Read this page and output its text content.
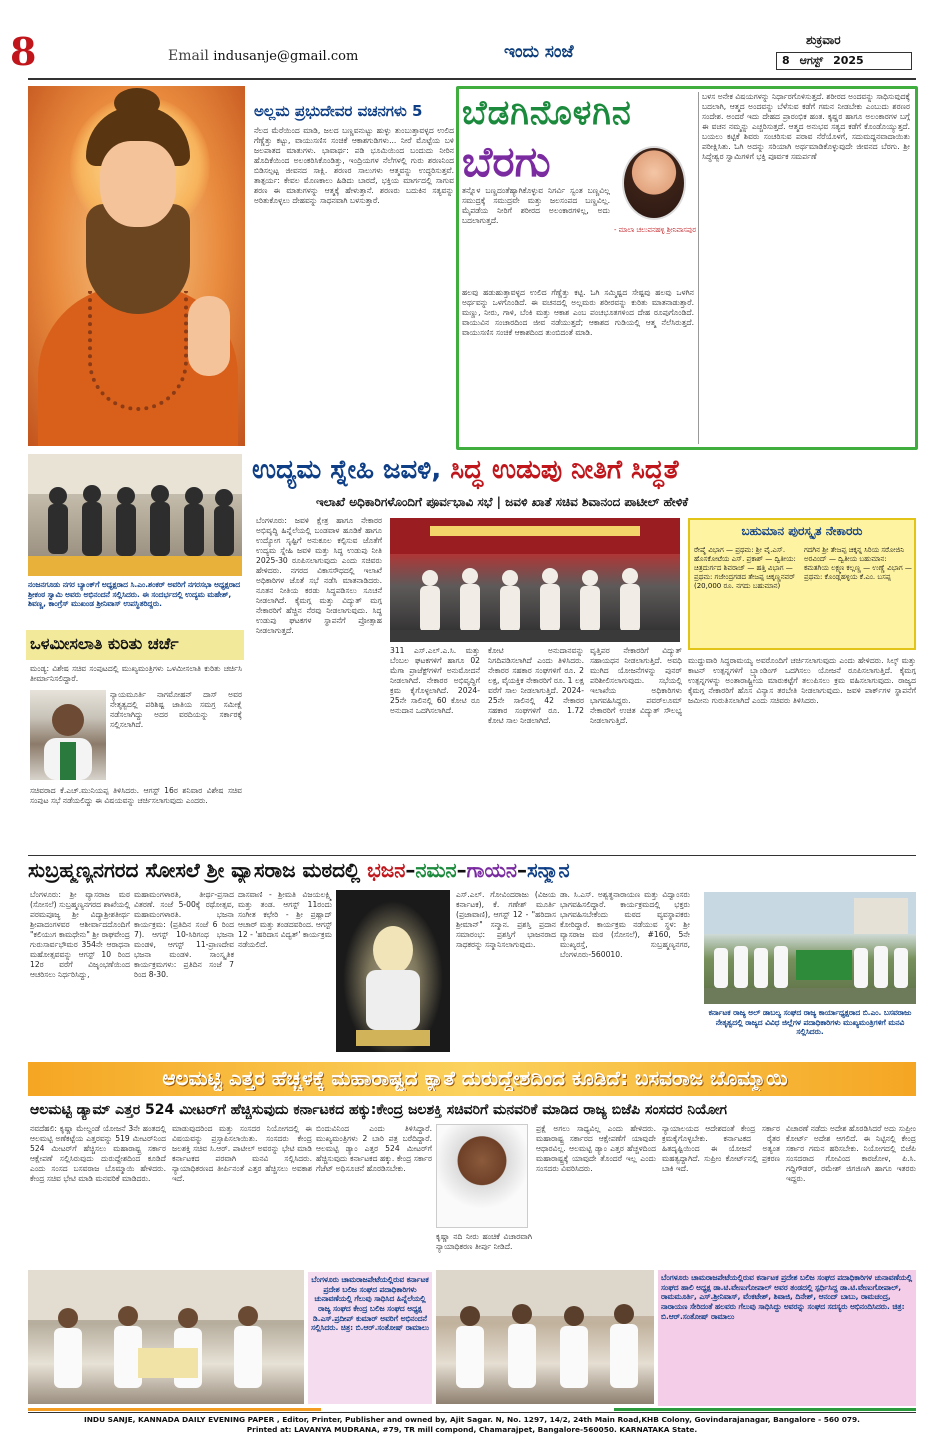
8	Email indusanje@gmail.com	ಇಂದು ಸಂಜೆ
ಶುಕ್ರವಾರ
8 ಆಗಸ್ಟ್ 2025
ಅಲ್ಲಮ ಪ್ರಭುದೇವರ ವಚನಗಳು 5
ನೆಲದ ಮೆರೆಯಿಂದ ಮಾಡಿ, ಜಲದ ಬಣ್ಣವನುಟ್ಟು ಹುಳ್ಳು ತುಂಬುತ್ತಾವಳ್ಳದ ಉಲಿದ ಗೆಣ್ಣೆತ್ತು ಕಟ್ಟು, ವಾಯುಸಣಿಸ ಸಂಚಿಕೆ ಆಕಾಶಗುಡಿಗಳು... ನೀರೆ ಮೊಟ್ಟೆಯ ಬಳಿ ಜಲಪಾತದ ಮಾತುಗಳು. ಭಾವಾರ್ಥ: ಪಡಿ ಭೂಮಿಯಿಂದ ಬಂದುದು ನೀರಿನ ಹೊದಿಕೆಯಿಂದ ಅಲಂಕರಿಸಿಕೊಂಡಿತ್ತು, ಇಂದ್ರಿಯಗಳ ನೆಲೆಗಳಲ್ಲಿ ಗುರು ಶರಣನಿಂದ ಬಿಡಿಸಲ್ಪಟ್ಟ ಜೀವನದ ಸಾಕ್ಷಿ. ಶರಣರ ಸಾಲುಗಳು ಆತ್ಮವನ್ನು ಉದ್ಧರಿಸುತ್ತವೆ. ತಾತ್ಪರ್ಯ: ಕೇವಲ ಮೊಣಕಾಲು ಹಿಡಿದು ಬಾರದೆ, ಭಕ್ತಿಯ ಮಾರ್ಗದಲ್ಲಿ ಸಾಗುವ ಶರಣ ಈ ಮಾತುಗಳನ್ನು ಆತ್ಮಕ್ಕೆ ಹೇಳುತ್ತಾನೆ. ಶರಣರು ಬದುಕಿನ ಸತ್ಯವನ್ನು ಅರಿತುಕೊಳ್ಳಲು ದೇಹವನ್ನು ಸಾಧನವಾಗಿ ಬಳಸುತ್ತಾರೆ.
ಬೆಡಗಿನೊಳಗಿನ
ಬೆರಗು
- ಮಾಲಾ ಚಲುವನಹಳ್ಳಿ ಶ್ರೀನಿವಾಸಪುರ
ತನ್ನೊಳ ಬಣ್ಣದಂತೆಹ್ಯಾಗಿಕೊಳ್ಳುವ ನಿಗರ್ವಿ ಸ್ವಂತ ಬಣ್ಣವಿಲ್ಲ ಸಮುದ್ರಕ್ಕೆ ಸಮುದ್ರವೇ ಮತ್ತು ಜಲಸಂಪದ ಬಣ್ಣವಿಲ್ಲ. ಮೈಪಡೆಯ ನೀರಿಗೆ ಶರೀರದ ಅಲಂಕಾರಗಳಿಲ್ಲ, ಅದು ಬದಲಾಗುತ್ತದೆ.
ಹಲವು ಹಡುಹುತ್ತಾವಳ್ಳದ ಉಲಿದ ಗೆಣ್ಣೆತ್ತು ಕಟ್ಟಿ. ಓಗಿ ಸಮ್ಮಿಷ್ಟದ ಸೇಷ್ಟವು ಹಲವು ಒಳಗಿನ ಅರ್ಥವನ್ನು ಒಳಗೊಂಡಿದೆ. ಈ ವಚನದಲ್ಲಿ ಅಲ್ಲಮರು ಶರೀರವನ್ನು ಕುರಿತು ಮಾತನಾಡುತ್ತಾರೆ. ಮಣ್ಣು, ನೀರು, ಗಾಳಿ, ಬೆಂಕಿ ಮತ್ತು ಆಕಾಶ ಎಂಬ ಪಂಚಭೂತಗಳಿಂದ ದೇಹ ರೂಪುಗೊಂಡಿದೆ. ವಾಯುವಿನ ಸಂಚಾರದಿಂದ ಜೀವ ನಡೆಯುತ್ತದೆ; ಆಕಾಶದ ಗುಡಿಯಲ್ಲಿ ಆತ್ಮ ನೆಲೆಸಿರುತ್ತದೆ. ವಾಯುಸಣಿಸ ಸಂಚಿಕೆ ಆಕಾಶದಿಂದ ತುಂಬಿದಂತೆ ಮಾಡಿ.
ಬಳಸ ಅನೇಕ ವಿಷಯಗಳನ್ನು ನಿರ್ಧಾರಗೊಳಿಸುತ್ತದೆ. ಶರೀರದ ಅಂದವನ್ನು ಸಾಧಿಸುವುದಕ್ಕೆ ಬದಲಾಗಿ, ಆತ್ಮದ ಅಂದವನ್ನು ಬೆಳೆಸುವ ಕಡೆಗೆ ಗಮನ ನೀಡಬೇಕು ಎಂಬುದು ಶರಣರ ಸಂದೇಶ. ಅಂದರೆ ಇದು ದೇಹದ ಪ್ರಾರಂಭಿಕ ಹಂತ. ಕೃಷ್ಣರ ಹಾಗೂ ಅಲಂಕಾರಗಳ ಬಗ್ಗೆ ಈ ವಚನ ನಮ್ಮನ್ನು ಎಚ್ಚರಿಸುತ್ತದೆ. ಆತ್ಮದ ಅನುಭವ ಸತ್ಯದ ಕಡೆಗೆ ಕೊಂಡೊಯ್ಯುತ್ತದೆ. ಬಯಲು ಕಟ್ಟಿಕೆ ಶಿವರು ಸಂಚರಿಸುವ ಪರಾವ ನೆರೆಯೊಳಗೆ, ಸದುಮದ್ದನವಾದಾಯಿತು ಪರೀಕ್ಷಿಸಿತು. ಓಗಿ ಅದನ್ನು ಸರಿಯಾಗಿ ಅರ್ಥಮಾಡಿಕೊಳ್ಳುವುದೇ ಜೀವನದ ಬೆರಗು. ಶ್ರೀ ಸಿದ್ಧೇಶ್ವರ ಸ್ವಾಮಿಗಳಿಗೆ ಭಕ್ತಿ ಪೂರ್ವಕ ಸಮರ್ಪಣೆ
ನಂಜನಗೂಡು ನಗರ ಬ್ಯಾಂಕ್‌ಗೆ ಅಧ್ಯಕ್ಷರಾದ ಸಿ.ಎಂ.ಶಂಕರ್ ಅವರಿಗೆ ನಗರಸಭಾ ಅಧ್ಯಕ್ಷರಾದ ಶ್ರೀಕಂಠ ಸ್ವಾಮಿ ಅವರು ಅಭಿನಂದನೆ ಸಲ್ಲಿಸಿದರು. ಈ ಸಂದರ್ಭದಲ್ಲಿ ಉದ್ಯಮ ಮಹೇಶ್, ಶಿವಣ್ಣ, ಕಾಂಗ್ರೆಸ್ ಮುಖಂಡ ಶ್ರೀನಿವಾಸ್ ಉಪಸ್ಥಿತರಿದ್ದರು.
ಉದ್ಯಮ ಸ್ನೇಹಿ ಜವಳಿ, ಸಿದ್ಧ ಉಡುಪು ನೀತಿಗೆ ಸಿದ್ಧತೆ
ಇಲಾಖೆ ಅಧಿಕಾರಿಗಳೊಂದಿಗೆ ಪೂರ್ವಭಾವಿ ಸಭೆ | ಜವಳಿ ಖಾತೆ ಸಚಿವ ಶಿವಾನಂದ ಪಾಟೀಲ್ ಹೇಳಿಕೆ
ಬೆಂಗಳೂರು: ಜವಳಿ ಕ್ಷೇತ್ರ ಹಾಗೂ ನೇಕಾರರ ಅಭಿವೃದ್ಧಿ ಹಿನ್ನೆಲೆಯಲ್ಲಿ ಬಂಡವಾಳ ಹೂಡಿಕೆ ಹಾಗೂ ಉದ್ಯೋಗ ಸೃಷ್ಟಿಗೆ ಅನುಕೂಲ ಕಲ್ಪಿಸುವ ಜೊತೆಗೆ ಉದ್ಯಮ ಸ್ನೇಹಿ ಜವಳಿ ಮತ್ತು ಸಿದ್ಧ ಉಡುಪು ನೀತಿ 2025-30 ರೂಪಿಸಲಾಗುವುದು ಎಂದು ಸಚಿವರು ಹೇಳಿದರು. ನಗರದ ವಿಕಾಸಸೌಧದಲ್ಲಿ ಇಲಾಖೆ ಅಧಿಕಾರಿಗಳ ಜೊತೆ ಸಭೆ ನಡೆಸಿ ಮಾತನಾಡಿದರು. ನೂತನ ನೀತಿಯ ಕರಡು ಸಿದ್ಧಪಡಿಸಲು ಸೂಚನೆ ನೀಡಲಾಗಿದೆ. ಕೈಮಗ್ಗ ಮತ್ತು ವಿದ್ಯುತ್ ಮಗ್ಗ ನೇಕಾರರಿಗೆ ಹೆಚ್ಚಿನ ನೆರವು ನೀಡಲಾಗುವುದು. ಸಿದ್ಧ ಉಡುಪು ಘಟಕಗಳ ಸ್ಥಾಪನೆಗೆ ಪ್ರೋತ್ಸಾಹ ನೀಡಲಾಗುತ್ತದೆ.
311 ಎಸ್.ಎಲ್.ಎ.ಸಿ. ಮತ್ತು ಬೆಂಬಲ ಘಟಕಗಳಿಗೆ ಹಾಗೂ 02 ಮೆಗಾ ಪ್ರಾಜೆಕ್ಟ್‌ಗಳಿಗೆ ಅನುಮೋದನೆ ನೀಡಲಾಗಿದೆ. ನೇಕಾರರ ಅಭಿವೃದ್ಧಿಗೆ ಕ್ರಮ ಕೈಗೊಳ್ಳಲಾಗಿದೆ. 2024-25ನೇ ಸಾಲಿನಲ್ಲಿ 60 ಕೋಟಿ ರೂ ಅನುದಾನ ಒದಗಿಸಲಾಗಿದೆ.
ಕೋಟಿ ಅನುದಾನವನ್ನು ನಿಗದಿಪಡಿಸಲಾಗಿದೆ ಎಂದು ತಿಳಿಸಿದರು. ನೇಕಾರರ ಸಹಕಾರ ಸಂಘಗಳಿಗೆ ರೂ. 2 ಲಕ್ಷ, ವೈಯಕ್ತಿಕ ನೇಕಾರರಿಗೆ ರೂ. 1 ಲಕ್ಷ ವರೆಗೆ ಸಾಲ ನೀಡಲಾಗುತ್ತಿದೆ. 2024-25ನೇ ಸಾಲಿನಲ್ಲಿ 42 ನೇಕಾರರ ಸಹಕಾರ ಸಂಘಗಳಿಗೆ ರೂ. 1.72 ಕೋಟಿ ಸಾಲ ನೀಡಲಾಗಿದೆ.
ವೃತ್ತಿಪರ ನೇಕಾರರಿಗೆ ವಿದ್ಯುತ್ ಸಹಾಯಧನ ನೀಡಲಾಗುತ್ತಿದೆ. ಅವಧಿ ಮುಗಿದ ಯೋಜನೆಗಳನ್ನು ಪುನರ್ ಪರಿಶೀಲಿಸಲಾಗುವುದು. ಸಭೆಯಲ್ಲಿ ಇಲಾಖೆಯ ಅಧಿಕಾರಿಗಳು ಭಾಗವಹಿಸಿದ್ದರು. ಪವರ್‌ಲೂಮ್ ನೇಕಾರರಿಗೆ ಉಚಿತ ವಿದ್ಯುತ್ ಸೌಲಭ್ಯ ನೀಡಲಾಗುತ್ತಿದೆ.
ಬಹುಮಾನ ಪುರಸ್ಕೃತ ನೇಕಾರರು
ರೇಷ್ಮೆ ವಿಭಾಗ — ಪ್ರಥಮ: ಶ್ರೀ ವೈ.ಎಸ್. ಹೊಸಕೋಟೆಯ ಎಸ್. ಪ್ರಕಾಶ್ — ದ್ವಿತೀಯ: ಚಿತ್ರದುರ್ಗದ ಶಿವರಾಜ್ — ಹತ್ತಿ ವಿಭಾಗ — ಪ್ರಥಮ: ಗಜೇಂದ್ರಗಡದ ತೇಜಪ್ಪ ಚಿಕ್ಕಣ್ಣನವರ್ (20,000 ರೂ. ನಗದು ಬಹುಮಾನ)
ಗದಗಿನ ಶ್ರೀ ತೇಜಪ್ಪ ಚಿಕ್ಕನ್ನ ಸಿರಿಯ ಸರೋಜಿನಿ ಅರವಿಂದ್ — ದ್ವಿತೀಯ ಬಹುಮಾನ: ಕಮತಗಿಯ ಲಕ್ಷ್ಮಣ ಕಲ್ಲಣ್ಣ — ಉಣ್ಣೆ ವಿಭಾಗ — ಪ್ರಥಮ: ಕೊಂಡ್ಲಹಳ್ಳಿಯ ಕೆ.ಎಂ. ಬಸಪ್ಪ
ಮುದ್ದುವಾರಿ ಸಿದ್ಧರಾಮಯ್ಯ ಅವರೊಂದಿಗೆ ಚರ್ಚಿಸಲಾಗುವುದು ಎಂದು ಹೇಳಿದರು. ಸಿಲ್ಕ್ ಮತ್ತು ಕಾಟನ್ ಉತ್ಪನ್ನಗಳಿಗೆ ಬ್ರ್ಯಾಂಡಿಂಗ್ ಒದಗಿಸಲು ಯೋಜನೆ ರೂಪಿಸಲಾಗುತ್ತಿದೆ. ಕೈಮಗ್ಗ ಉತ್ಪನ್ನಗಳನ್ನು ಅಂತಾರಾಷ್ಟ್ರೀಯ ಮಾರುಕಟ್ಟೆಗೆ ತಲುಪಿಸಲು ಕ್ರಮ ವಹಿಸಲಾಗುವುದು. ರಾಜ್ಯದ ಕೈಮಗ್ಗ ನೇಕಾರರಿಗೆ ಹೊಸ ವಿನ್ಯಾಸ ತರಬೇತಿ ನೀಡಲಾಗುವುದು. ಜವಳಿ ಪಾರ್ಕ್‌ಗಳ ಸ್ಥಾಪನೆಗೆ ಜಮೀನು ಗುರುತಿಸಲಾಗಿದೆ ಎಂದು ಸಚಿವರು ತಿಳಿಸಿದರು.
ಒಳಮೀಸಲಾತಿ ಕುರಿತು ಚರ್ಚೆ
ಮಂಡ್ಯ: ವಿಶೇಷ ಸಚಿವ ಸಂಪುಟದಲ್ಲಿ ಮುಖ್ಯಮಂತ್ರಿಗಳು ಒಳಮೀಸಲಾತಿ ಕುರಿತು ಚರ್ಚಿಸಿ ತೀರ್ಮಾನಿಸಲಿದ್ದಾರೆ.
ನ್ಯಾಯಮೂರ್ತಿ ನಾಗಮೋಹನ್ ದಾಸ್ ಅವರ ನೇತೃತ್ವದಲ್ಲಿ ಪರಿಶಿಷ್ಟ ಜಾತಿಯ ಸಮಗ್ರ ಸಮೀಕ್ಷೆ ನಡೆಸಲಾಗಿದ್ದು ಅದರ ವರದಿಯನ್ನು ಸರ್ಕಾರಕ್ಕೆ ಸಲ್ಲಿಸಲಾಗಿದೆ.
ಸಚಿವರಾದ ಕೆ.ಎಚ್.ಮುನಿಯಪ್ಪ ತಿಳಿಸಿದರು. ಆಗಸ್ಟ್ 16ರ ಶನಿವಾರ ವಿಶೇಷ ಸಚಿವ ಸಂಪುಟ ಸಭೆ ನಡೆಯಲಿದ್ದು ಈ ವಿಷಯವನ್ನು ಚರ್ಚಿಸಲಾಗುವುದು ಎಂದರು.
ಸುಬ್ರಹ್ಮಣ್ಯನಗರದ ಸೋಸಲೆ ಶ್ರೀ ವ್ಯಾಸರಾಜ ಮಠದಲ್ಲಿ ಭಜನ–ನಮನ–ಗಾಯನ–ಸನ್ಮಾನ
ಬೆಂಗಳೂರು: ಶ್ರೀ ವ್ಯಾಸರಾಜ ಮಠ (ಸೋಸಲೆ) ಸುಬ್ರಹ್ಮಣ್ಯನಗರದ ಶಾಖೆಯಲ್ಲಿ ಪರಮಪೂಜ್ಯ ಶ್ರೀ ವಿದ್ಯಾಶ್ರೀಶತೀರ್ಥ ಶ್ರೀಪಾದಂಗಳವರ ಆಶೀರ್ವಾದದೊಂದಿಗೆ "ಕಲಿಯುಗ ಕಾಮಧೇನು" ಶ್ರೀ ರಾಘವೇಂದ್ರ ಗುರುಸಾರ್ವಭೌಮರ 354ನೇ ಆರಾಧನಾ ಮಹೋತ್ಸವವನ್ನು ಆಗಸ್ಟ್ 10 ರಿಂದ 12ರ ವರೆಗೆ ವಿಜೃಂಭಣೆಯಿಂದ ಆಚರಿಸಲು ನಿರ್ಧರಿಸಿದ್ದು,
ಮಹಾಮಂಗಳಾರತಿ, ತೀರ್ಥ-ಪ್ರಸಾದ ವಿತರಣೆ. ಸಂಜೆ 5-00ಕ್ಕೆ ರಥೋತ್ಸವ, ಮಹಾಮಂಗಳಾರತಿ. ಭಜನಾ ಕಾರ್ಯಕ್ರಮ: (ಪ್ರತಿದಿನ ಸಂಜೆ 6 ರಿಂದ 7). ಆಗಸ್ಟ್ 10-ಸಿರಿಗಂಧ ಭಜನಾ ಮಂಡಳಿ, ಆಗಸ್ಟ್ 11-ಪ್ರಾಣದೇವ ಭಜನಾ ಮಂಡಳಿ. ಸಾಂಸ್ಕೃತಿಕ ಕಾರ್ಯಕ್ರಮಗಳು: ಪ್ರತಿದಿನ ಸಂಜೆ 7 ರಿಂದ 8-30.
ದಾಸವಾಣಿ - ಶ್ರೀಮತಿ ವಿಜಯಲಕ್ಷ್ಮಿ ಮತ್ತು ತಂಡ. ಆಗಸ್ಟ್ 11ರಂದು ಸಂಗೀತ ಕಛೇರಿ - ಶ್ರೀ ಪ್ರಹ್ಲಾದ್ ಆಚಾರ್ ಮತ್ತು ತಂಡದವರಿಂದ. ಆಗಸ್ಟ್ 12 - 'ಹರಿದಾಸ ವಿದ್ವತ್' ಕಾರ್ಯಕ್ರಮ ನಡೆಯಲಿದೆ.
ಎಸ್.ಎಲ್. ಗೋವಿಂದರಾಜು (ವಿಜಯ ಕರ್ನಾಟಕ), ಕೆ. ಗಣೇಶ್ ಮೂರ್ತಿ (ಪ್ರಜಾವಾಣಿ), ಆಗಸ್ಟ್ 12 - "ಹರಿದಾಸ ಶ್ರೀಮಾನ್" ಸನ್ಮಾನ. ಪ್ರಶಸ್ತಿ ಪ್ರದಾನ ಸಮಾರಂಭ: ಪ್ರಶಸ್ತಿಗೆ ಭಾಜನರಾದ ಸಾಧಕರನ್ನು ಸನ್ಮಾನಿಸಲಾಗುವುದು.
ಡಾ. ಸಿ.ಎಸ್. ಅಶ್ವತ್ಥನಾರಾಯಣ ಮತ್ತು ವಿದ್ವಾಂಸರು ಭಾಗವಹಿಸಲಿದ್ದಾರೆ. ಕಾರ್ಯಕ್ರಮದಲ್ಲಿ ಭಕ್ತರು ಭಾಗವಹಿಸಬೇಕೆಂದು ಮಠದ ವ್ಯವಸ್ಥಾಪಕರು ಕೋರಿದ್ದಾರೆ. ಕಾರ್ಯಕ್ರಮ ನಡೆಯುವ ಸ್ಥಳ: ಶ್ರೀ ವ್ಯಾಸರಾಜ ಮಠ (ಸೋಸಲೆ), #160, 5ನೇ ಮುಖ್ಯರಸ್ತೆ, ಸುಬ್ರಹ್ಮಣ್ಯನಗರ, ಬೆಂಗಳೂರು-560010.
ಕರ್ನಾಟಕ ರಾಜ್ಯ ಅಲ್ ಡಾಬಲ್ಯ ಸಂಘದ ರಾಜ್ಯ ಕಾರ್ಯಾಧ್ಯಕ್ಷರಾದ ಬಿ.ಎಂ. ಬಸವರಾಜು ನೇತೃತ್ವದಲ್ಲಿ ರಾಜ್ಯದ ವಿವಿಧ ಜಿಲ್ಲೆಗಳ ಪದಾಧಿಕಾರಿಗಳು ಮುಖ್ಯಮಂತ್ರಿಗಳಿಗೆ ಮನವಿ ಸಲ್ಲಿಸಿದರು.
ಆಲಮಟ್ಟಿ ಎತ್ತರ ಹೆಚ್ಚಳಕ್ಕೆ ಮಹಾರಾಷ್ಟ್ರದ ಕ್ಯಾತೆ ದುರುದ್ದೇಶದಿಂದ ಕೂಡಿದೆ: ಬಸವರಾಜ ಬೊಮ್ಮಾಯಿ
ಆಲಮಟ್ಟಿ ಡ್ಯಾಮ್ ಎತ್ತರ 524 ಮೀಟರ್‌ಗೆ ಹೆಚ್ಚಿಸುವುದು ಕರ್ನಾಟಕದ ಹಕ್ಕು:ಕೇಂದ್ರ ಜಲಶಕ್ತಿ ಸಚಿವರಿಗೆ ಮನವರಿಕೆ ಮಾಡಿದ ರಾಜ್ಯ ಬಿಜೆಪಿ ಸಂಸದರ ನಿಯೋಗ
ನವದೆಹಲಿ: ಕೃಷ್ಣಾ ಮೇಲ್ದಂಡೆ ಯೋಜನೆ 3ನೇ ಹಂತದಲ್ಲಿ ಆಲಮಟ್ಟಿ ಅಣೆಕಟ್ಟೆಯ ಎತ್ತರವನ್ನು 519 ಮೀಟರ್‌ನಿಂದ 524 ಮೀಟರ್‌ಗೆ ಹೆಚ್ಚಿಸಲು ಮಹಾರಾಷ್ಟ್ರ ಸರ್ಕಾರ ಆಕ್ಷೇಪಣೆ ಸಲ್ಲಿಸಿರುವುದು ದುರುದ್ದೇಶದಿಂದ ಕೂಡಿದೆ ಎಂದು ಸಂಸದ ಬಸವರಾಜ ಬೊಮ್ಮಾಯಿ ಹೇಳಿದರು. ಕೇಂದ್ರ ಸಚಿವ ಭೇಟಿ ಮಾಡಿ ಮನವರಿಕೆ ಮಾಡಿದರು.
ಮಾಡುವುದರಿಂದ ಮತ್ತು ಸಂಸದರ ನಿಯೋಗದಲ್ಲಿ ಈ ವಿಷಯವನ್ನು ಪ್ರಸ್ತಾಪಿಸಲಾಯಿತು. ಸಂಸದರು ಕೇಂದ್ರ ಜಲಶಕ್ತಿ ಸಚಿವ ಸಿ.ಆರ್. ಪಾಟೀಲ್ ಅವರನ್ನು ಭೇಟಿ ಮಾಡಿ ಕರ್ನಾಟಕದ ಪರವಾಗಿ ಮನವಿ ಸಲ್ಲಿಸಿದರು. ನ್ಯಾಯಾಧಿಕರಣದ ತೀರ್ಪಿನಂತೆ ಎತ್ತರ ಹೆಚ್ಚಿಸಲು ಅವಕಾಶ ಇದೆ.
ಬಿಂದುವಿನಿಂದ ಎಂದು ತಿಳಿಸಿದ್ದಾರೆ. ಮುಖ್ಯಮಂತ್ರಿಗಳು 2 ಬಾರಿ ಪತ್ರ ಬರೆದಿದ್ದಾರೆ. ಆಲಮಟ್ಟಿ ಡ್ಯಾಂ ಎತ್ತರ 524 ಮೀಟರ್‌ಗೆ ಹೆಚ್ಚಿಸುವುದು ಕರ್ನಾಟಕದ ಹಕ್ಕು. ಕೇಂದ್ರ ಸರ್ಕಾರ ಗೆಜೆಟ್ ಅಧಿಸೂಚನೆ ಹೊರಡಿಸಬೇಕು.
ಕೃಷ್ಣಾ ನದಿ ನೀರು ಹಂಚಿಕೆ ವಿಚಾರವಾಗಿ ನ್ಯಾಯಾಧಿಕರಣ ತೀರ್ಪು ನೀಡಿದೆ.
ಪ್ರಕ್ಷೆ ಅಗಲು ಸಾಧ್ಯವಿಲ್ಲ ಎಂದು ಹೇಳಿದರು. ಮಹಾರಾಷ್ಟ್ರ ಸರ್ಕಾರದ ಆಕ್ಷೇಪಣೆಗೆ ಯಾವುದೇ ಆಧಾರವಿಲ್ಲ. ಆಲಮಟ್ಟಿ ಡ್ಯಾಂ ಎತ್ತರ ಹೆಚ್ಚಳದಿಂದ ಮಹಾರಾಷ್ಟ್ರಕ್ಕೆ ಯಾವುದೇ ತೊಂದರೆ ಇಲ್ಲ ಎಂದು ಸಂಸದರು ವಿವರಿಸಿದರು.
ನ್ಯಾಯಾಲಯದ ಆದೇಶದಂತೆ ಕೇಂದ್ರ ಸರ್ಕಾರ ಕ್ರಮಕೈಗೊಳ್ಳಬೇಕು. ಕರ್ನಾಟಕದ ರೈತರ ಹಿತದೃಷ್ಟಿಯಿಂದ ಈ ಯೋಜನೆ ಅತ್ಯಂತ ಮಹತ್ವದ್ದಾಗಿದೆ. ಸುಪ್ರೀಂ ಕೋರ್ಟ್‌ನಲ್ಲಿ ಪ್ರಕರಣ ಬಾಕಿ ಇದೆ.
ವಿಚಾರಣೆ ನಡೆದು ಅದೇಶ ಹೊರಡಿಸಿದರೆ ಅದು ಸುಪ್ರೀಂ ಕೋರ್ಟ್ ಅದೇಶ ಆಗಲಿದೆ. ಈ ನಿಟ್ಟಿನಲ್ಲಿ ಕೇಂದ್ರ ಸರ್ಕಾರ ಗಮನ ಹರಿಸಬೇಕು. ನಿಯೋಗದಲ್ಲಿ ಬಿಜೆಪಿ ಸಂಸದರಾದ ಗೋವಿಂದ ಕಾರಜೋಳ, ಪಿ.ಸಿ. ಗದ್ದಿಗೌಡರ್, ರಮೇಶ್ ಜಿಗಜಿಣಗಿ ಹಾಗೂ ಇತರರು ಇದ್ದರು.
ಬೆಂಗಳೂರು ಚಾಮರಾಜಪೇಟೆಯಲ್ಲಿರುವ ಕರ್ನಾಟಕ ಪ್ರದೇಶ ಬಲಿಜ ಸಂಘದ ಪದಾಧಿಕಾರಿಗಳು ಚುನಾವಣೆಯಲ್ಲಿ ಗೆಲುವು ಸಾಧಿಸಿದ ಹಿನ್ನೆಲೆಯಲ್ಲಿ ರಾಜ್ಯ ಸಂಘದ ಕೇಂದ್ರ ಬಲಿಜ ಸಂಘದ ಅಧ್ಯಕ್ಷ ಡಿ.ಎಸ್.ಪ್ರದೀಪ್ ಕುಮಾರ್ ಅವರಿಗೆ ಅಭಿನಂದನೆ ಸಲ್ಲಿಸಿದರು. ಚಿತ್ರ: ಬಿ.ಆರ್.ಸಂತೋಷ್ ರಾಮಾಲು
ಬೆಂಗಳೂರು ಚಾಮರಾಜಪೇಟೆಯಲ್ಲಿರುವ ಕರ್ನಾಟಕ ಪ್ರದೇಶ ಬಲಿಜ ಸಂಘದ ಪದಾಧಿಕಾರಿಗಳ ಚುನಾವಣೆಯಲ್ಲಿ ಸಂಘದ ಹಾಲಿ ಅಧ್ಯಕ್ಷ ಡಾ.ಟಿ.ವೇಣುಗೋಪಾಲ್ ಅವರ ತಂಡದಲ್ಲಿ ಸ್ಪರ್ಧಿಸಿದ್ದ ಡಾ.ಟಿ.ವೇಣುಗೋಪಾಲ್, ರಾಮಮೂರ್ತಿ, ಎಸ್.ಶ್ರೀನಿವಾಸ್, ವೆಂಕಟೇಶ್, ಶಿವಾಜಿ, ದಿನೇಶ್, ಆನಂದ್ ಬಾಬು, ರಾಮಚಂದ್ರ, ನಾರಾಯಣ ಸೇರಿದಂತೆ ಹಲವರು ಗೆಲುವು ಸಾಧಿಸಿದ್ದು ಅವರನ್ನು ಸಂಘದ ಸದಸ್ಯರು ಅಭಿನಂದಿಸಿದರು. ಚಿತ್ರ: ಬಿ.ಆರ್.ಸಂತೋಷ್ ರಾಮಾಲು
INDU SANJE, KANNADA DAILY EVENING PAPER , Editor, Printer, Publisher and owned by, Ajit Sagar. N, No. 1297, 14/2, 24th Main Road,KHB Colony, Govindarajanagar, Bangalore - 560 079.
Printed at: LAVANYA MUDRANA, #79, TR mill compond, Chamarajpet, Bangalore-560050. KARNATAKA State.
